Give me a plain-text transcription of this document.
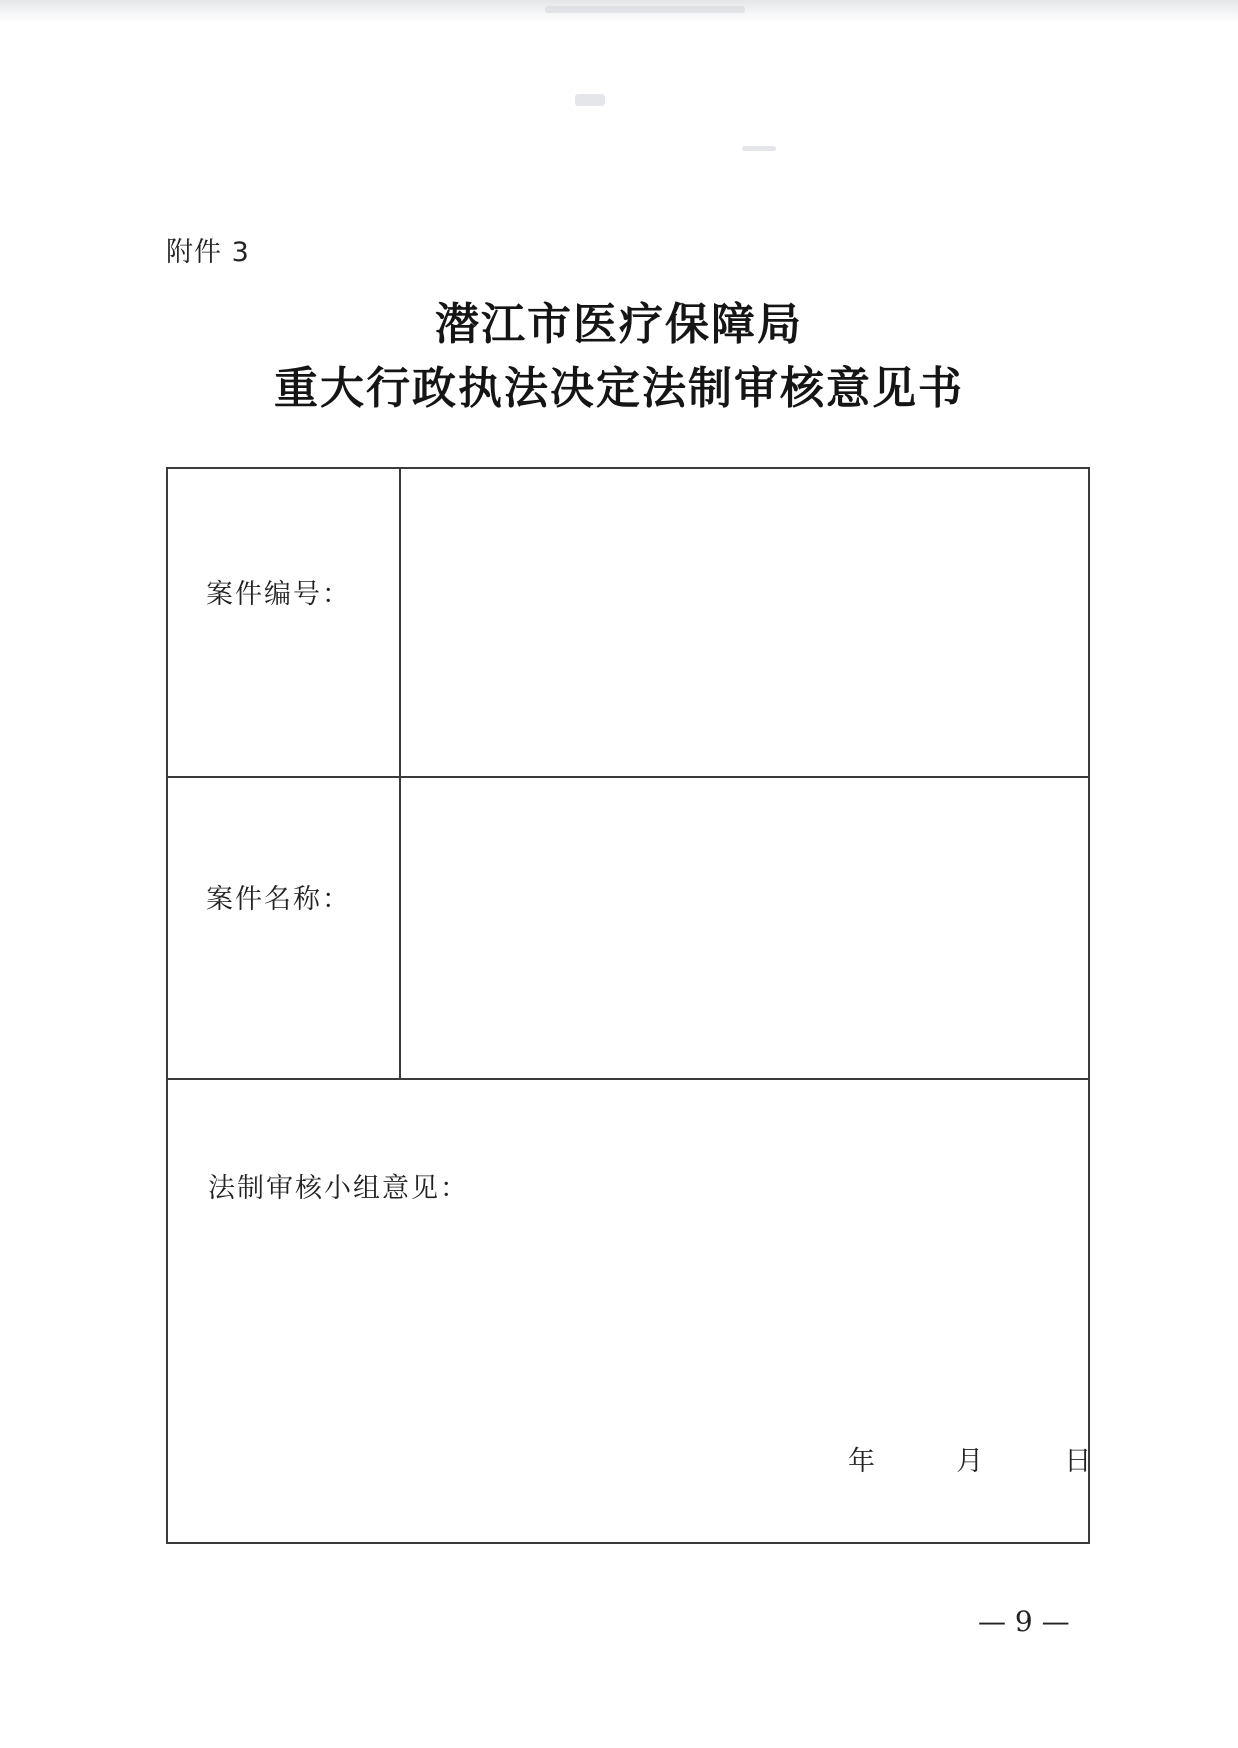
附件 3
潜江市医疗保障局
重大行政执法决定法制审核意见书
案件编号：
案件名称：
法制审核小组意见：
年	月	日
— 9 —
